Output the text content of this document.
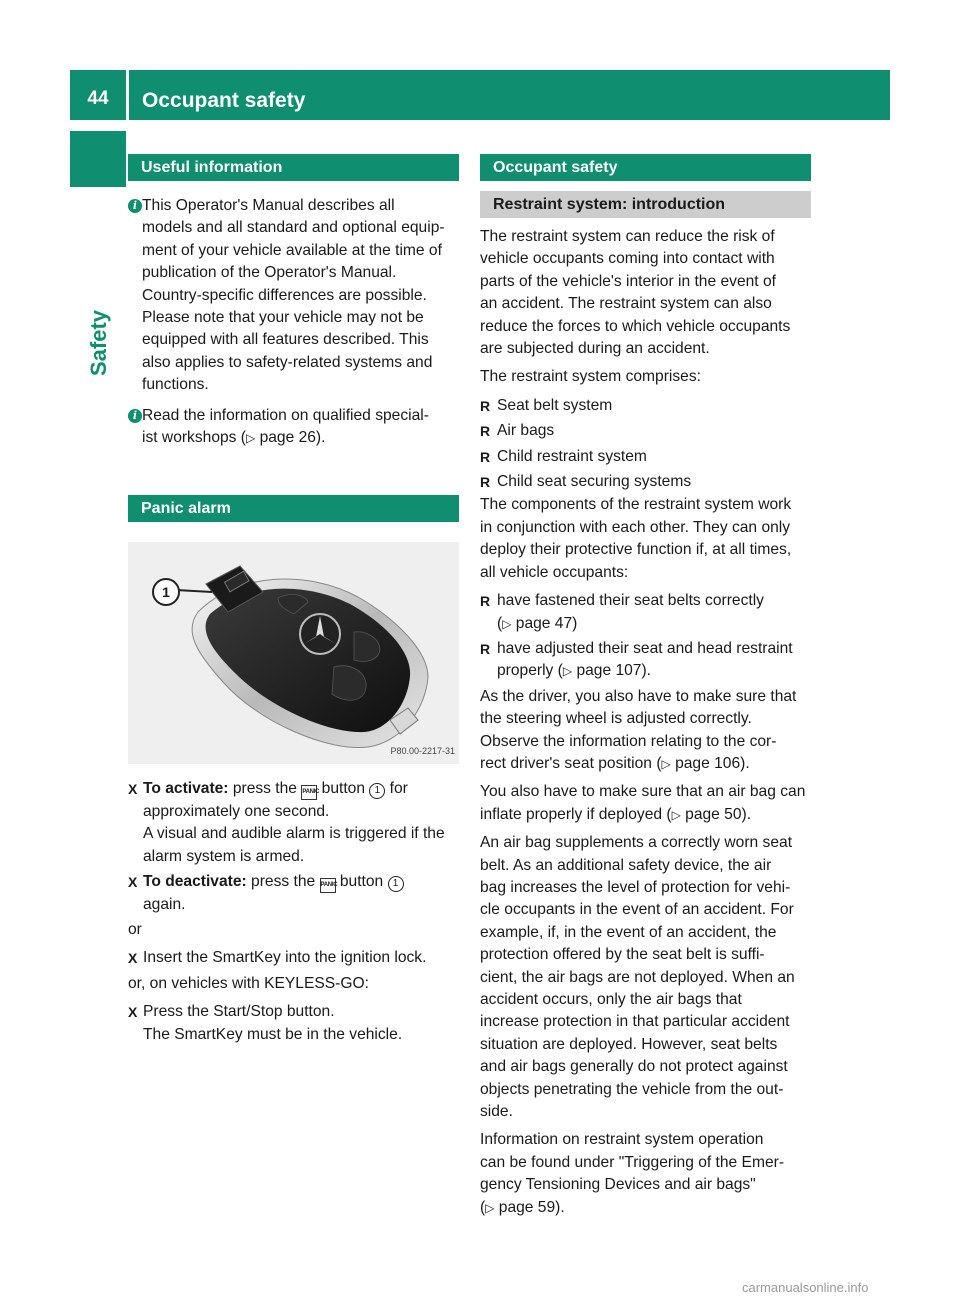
44	Occupant safety
Safety
Useful information
i This Operator's Manual describes all
models and all standard and optional equip-
ment of your vehicle available at the time of
publication of the Operator's Manual.
Country-specific differences are possible.
Please note that your vehicle may not be
equipped with all features described. This
also applies to safety-related systems and
functions.
i Read the information on qualified special-
ist workshops (▷ page 26).
Panic alarm
1
P80.00-2217-31
X To activate: press the PANIC button 1 for
approximately one second.
A visual and audible alarm is triggered if the
alarm system is armed.
X To deactivate: press the PANIC button 1
again.

or

X Insert the SmartKey into the ignition lock.

or, on vehicles with KEYLESS-GO:

X Press the Start/Stop button.
The SmartKey must be in the vehicle.
Occupant safety
Restraint system: introduction

The restraint system can reduce the risk of
vehicle occupants coming into contact with
parts of the vehicle's interior in the event of
an accident. The restraint system can also
reduce the forces to which vehicle occupants
are subjected during an accident.

The restraint system comprises:

R Seat belt system
R Air bags
R Child restraint system
R Child seat securing systems

The components of the restraint system work
in conjunction with each other. They can only
deploy their protective function if, at all times,
all vehicle occupants:

R have fastened their seat belts correctly
(▷ page 47)
R have adjusted their seat and head restraint
properly (▷ page 107).

As the driver, you also have to make sure that
the steering wheel is adjusted correctly.
Observe the information relating to the cor-
rect driver's seat position (▷ page 106).

You also have to make sure that an air bag can
inflate properly if deployed (▷ page 50).

An air bag supplements a correctly worn seat
belt. As an additional safety device, the air
bag increases the level of protection for vehi-
cle occupants in the event of an accident. For
example, if, in the event of an accident, the
protection offered by the seat belt is suffi-
cient, the air bags are not deployed. When an
accident occurs, only the air bags that
increase protection in that particular accident
situation are deployed. However, seat belts
and air bags generally do not protect against
objects penetrating the vehicle from the out-
side.

Information on restraint system operation
can be found under "Triggering of the Emer-
gency Tensioning Devices and air bags"
(▷ page 59).

carmanualsonline.info
